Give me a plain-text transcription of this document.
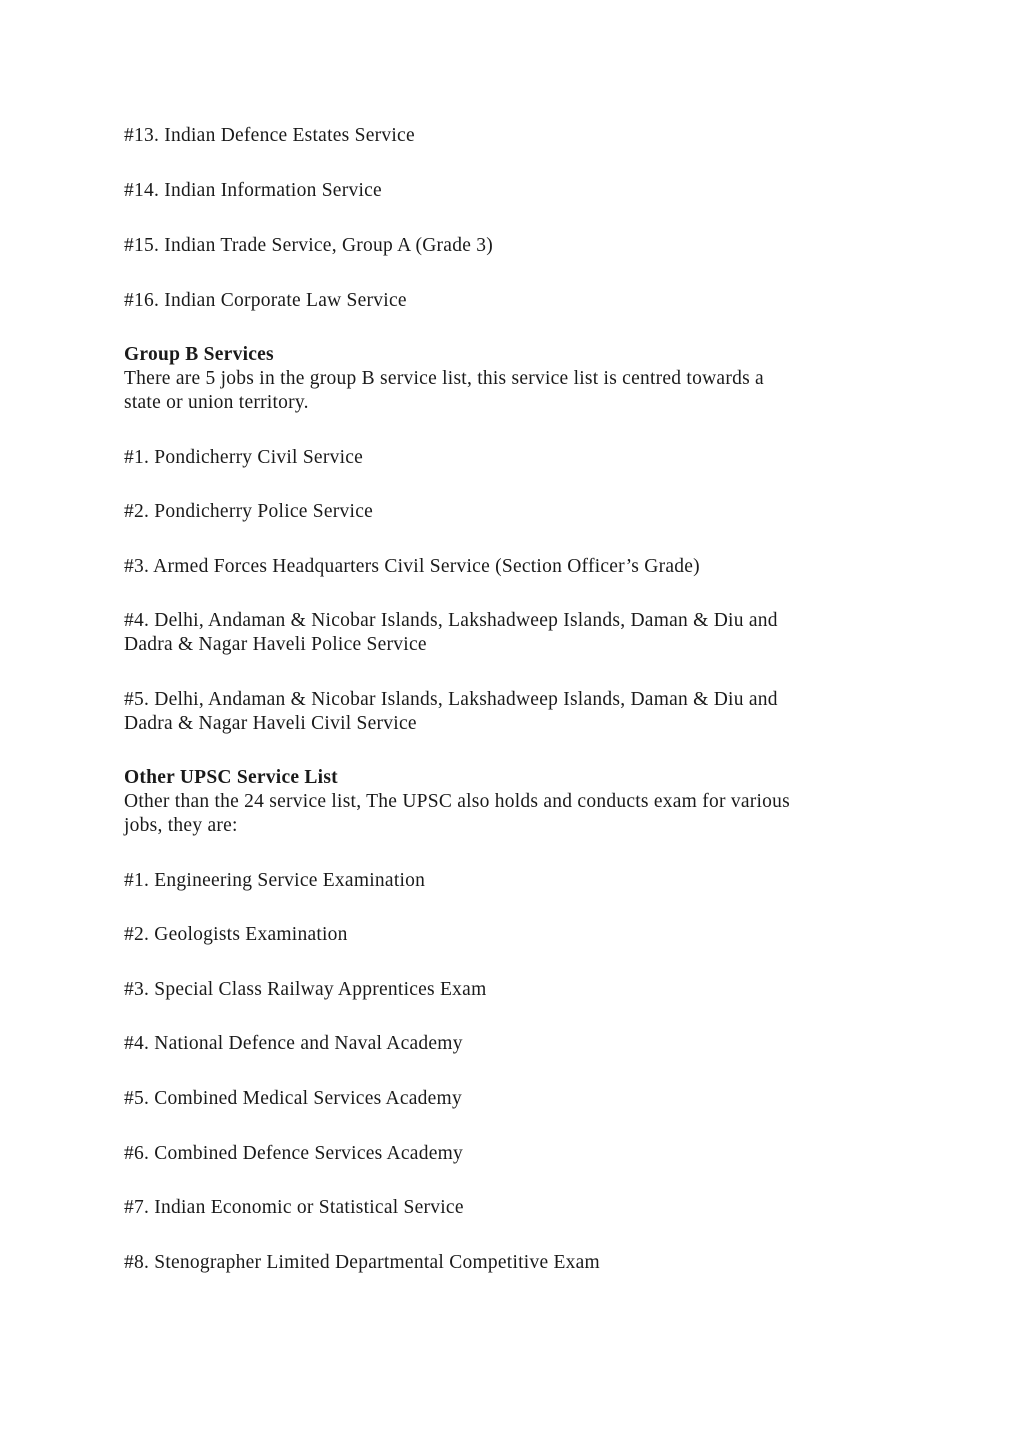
#13. Indian Defence Estates Service
#14. Indian Information Service
#15. Indian Trade Service, Group A (Grade 3)
#16. Indian Corporate Law Service
Group B Services
There are 5 jobs in the group B service list, this service list is centred towards a
state or union territory.
#1. Pondicherry Civil Service
#2. Pondicherry Police Service
#3. Armed Forces Headquarters Civil Service (Section Officer’s Grade)
#4. Delhi, Andaman & Nicobar Islands, Lakshadweep Islands, Daman & Diu and
Dadra & Nagar Haveli Police Service
#5. Delhi, Andaman & Nicobar Islands, Lakshadweep Islands, Daman & Diu and
Dadra & Nagar Haveli Civil Service
Other UPSC Service List
Other than the 24 service list, The UPSC also holds and conducts exam for various
jobs, they are:
#1. Engineering Service Examination
#2. Geologists Examination
#3. Special Class Railway Apprentices Exam
#4. National Defence and Naval Academy
#5. Combined Medical Services Academy
#6. Combined Defence Services Academy
#7. Indian Economic or Statistical Service
#8. Stenographer Limited Departmental Competitive Exam
